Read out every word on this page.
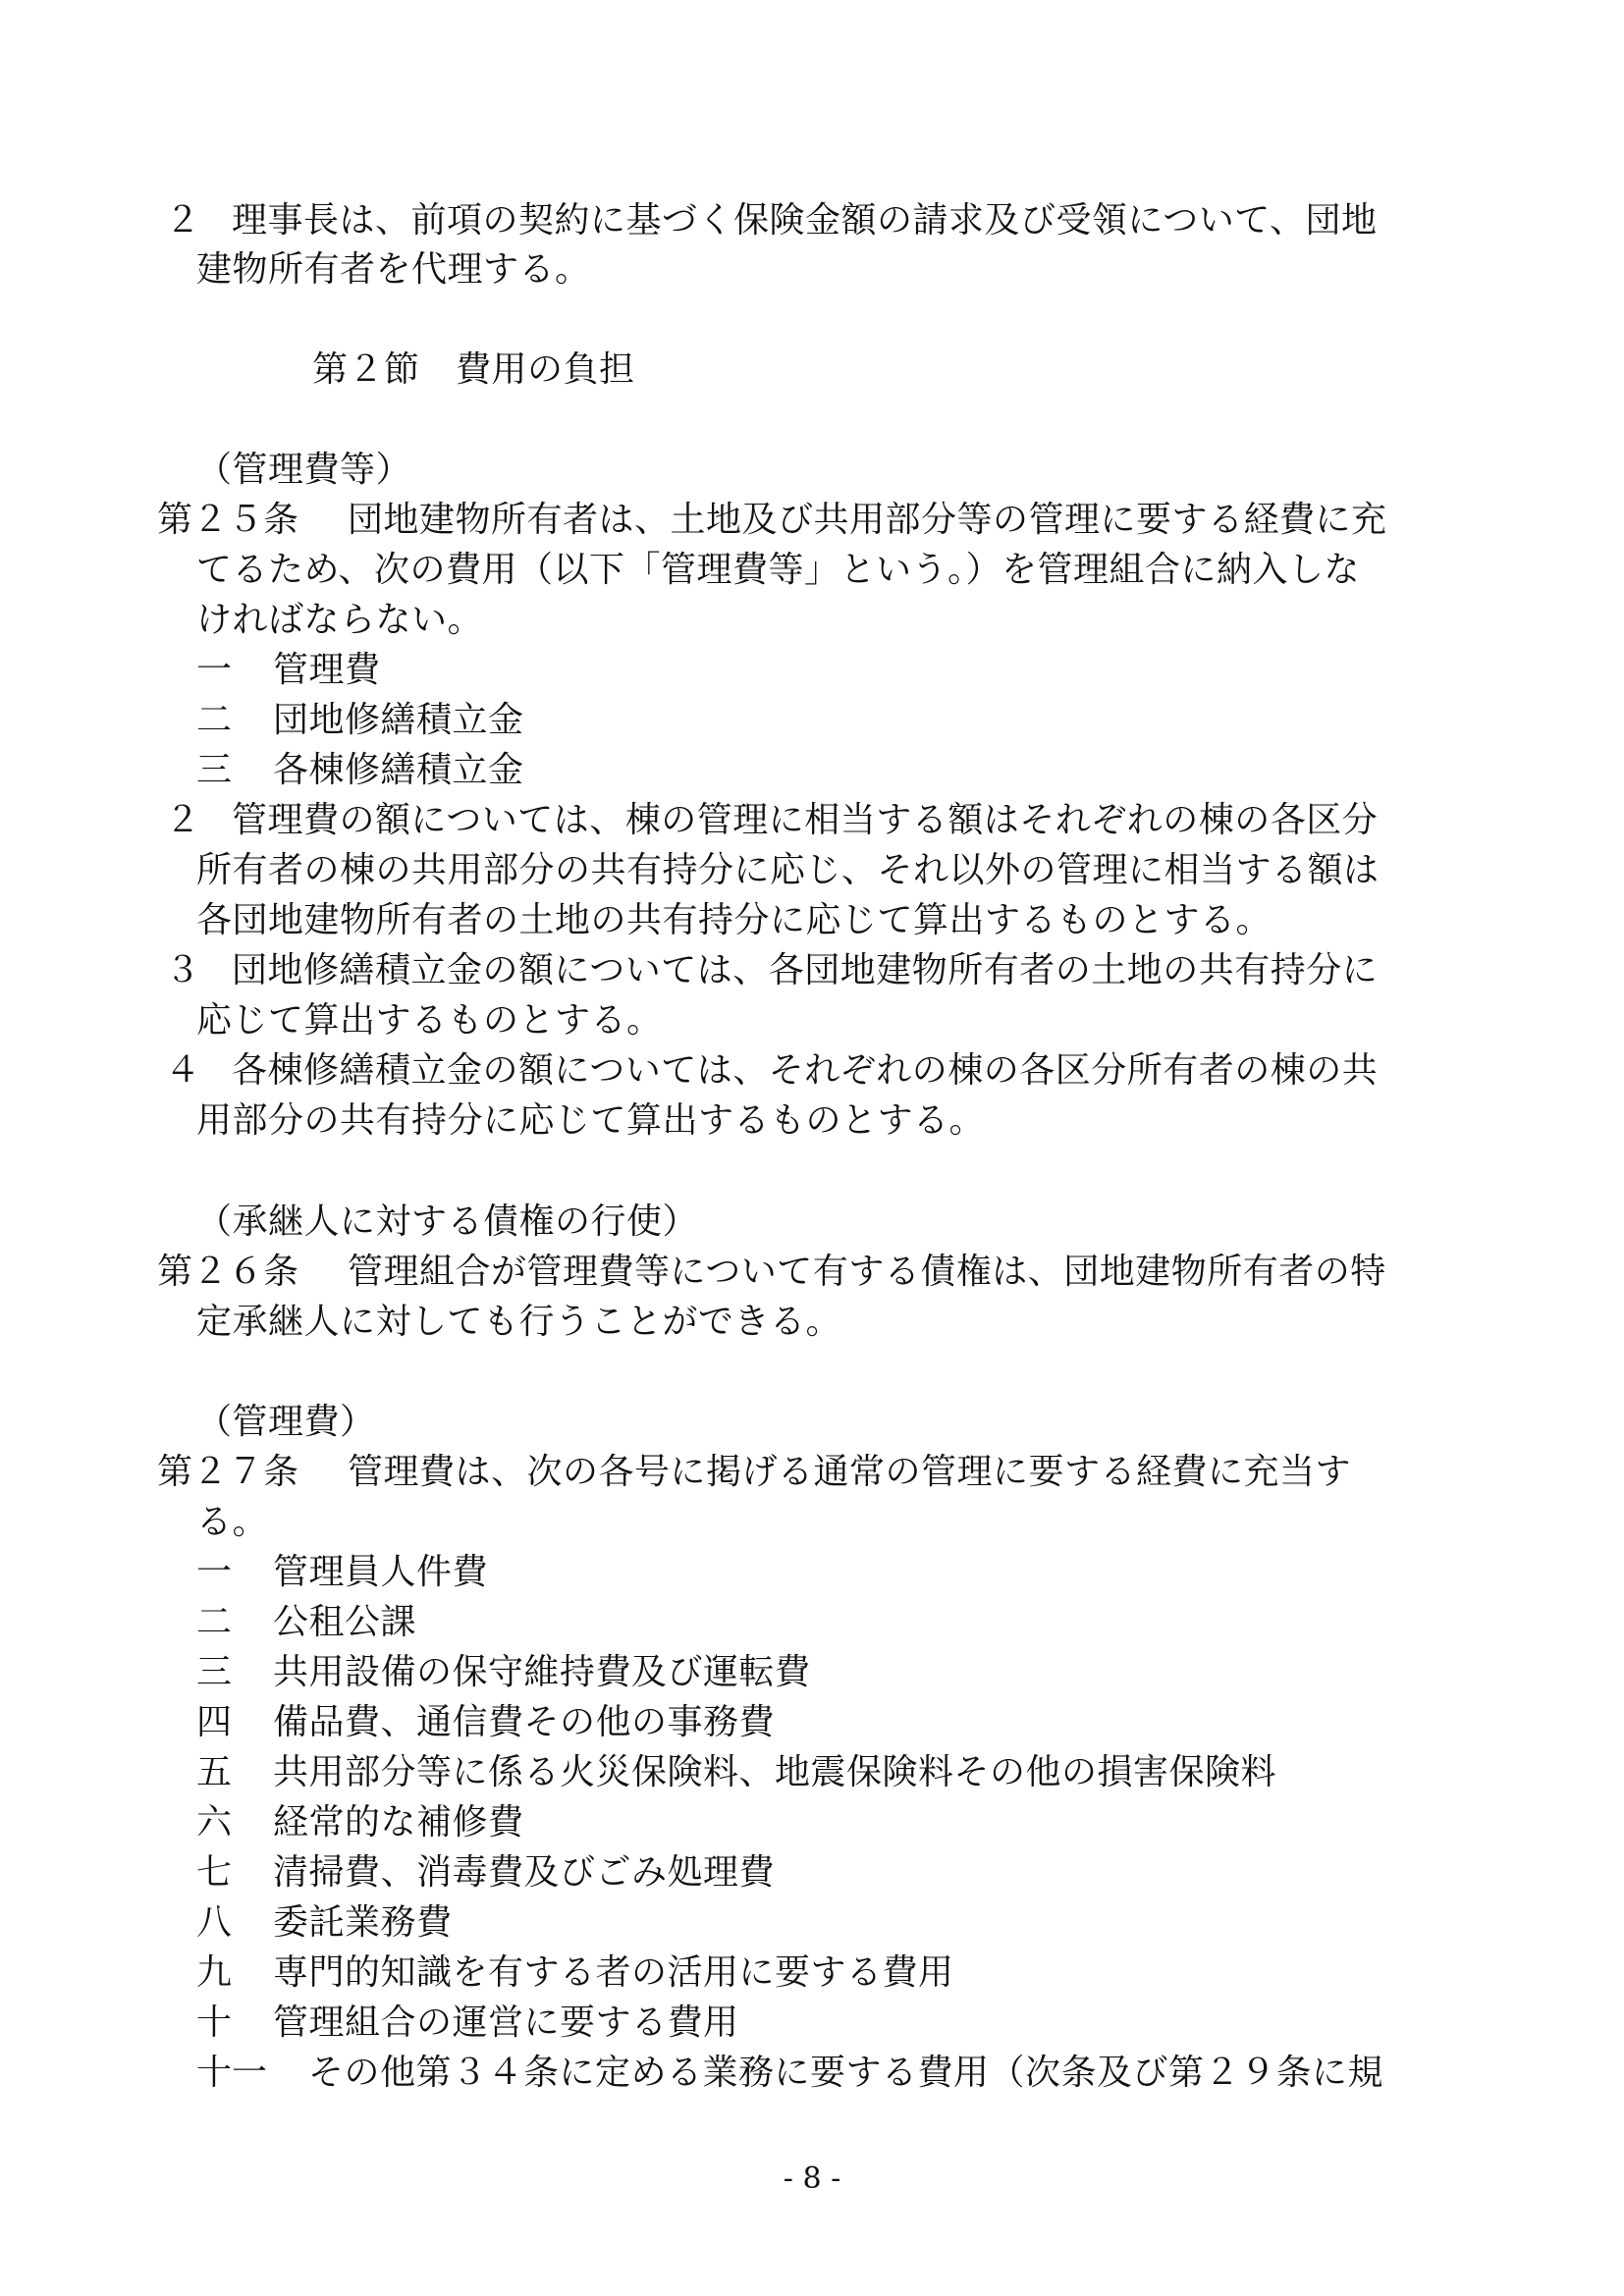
２ 理事長は、前項の契約に基づく保険金額の請求及び受領について、団地
建物所有者を代理する。
第２節　費用の負担
（管理費等）
第２５条 団地建物所有者は、土地及び共用部分等の管理に要する経費に充
てるため、次の費用（以下「管理費等」という。）を管理組合に納入しな
ければならない。
一 管理費
二 団地修繕積立金
三 各棟修繕積立金
２ 管理費の額については、棟の管理に相当する額はそれぞれの棟の各区分
所有者の棟の共用部分の共有持分に応じ、それ以外の管理に相当する額は
各団地建物所有者の土地の共有持分に応じて算出するものとする。
３ 団地修繕積立金の額については、各団地建物所有者の土地の共有持分に
応じて算出するものとする。
４ 各棟修繕積立金の額については、それぞれの棟の各区分所有者の棟の共
用部分の共有持分に応じて算出するものとする。
（承継人に対する債権の行使）
第２６条 管理組合が管理費等について有する債権は、団地建物所有者の特
定承継人に対しても行うことができる。
（管理費）
第２７条 管理費は、次の各号に掲げる通常の管理に要する経費に充当す
る。
一 管理員人件費
二 公租公課
三 共用設備の保守維持費及び運転費
四 備品費、通信費その他の事務費
五 共用部分等に係る火災保険料、地震保険料その他の損害保険料
六 経常的な補修費
七 清掃費、消毒費及びごみ処理費
八 委託業務費
九 専門的知識を有する者の活用に要する費用
十 管理組合の運営に要する費用
十一 その他第３４条に定める業務に要する費用（次条及び第２９条に規
- 8 -
